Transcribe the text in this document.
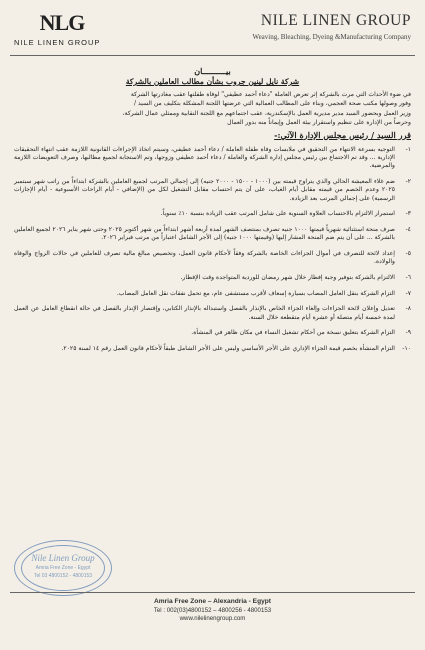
NLG
NILE LINEN GROUP
NILE LINEN GROUP
Weaving, Bleaching, Dyeing &Manufacturing Company
بيــــــــــان
شركة نايل لينين جروب بشأن مطالب العاملين بالشركة

في ضوء الأحداث التي مرت بالشركة إثر تعرض العاملة "دعاء أحمد عطيفي" لوفاة طفلتها عقب مغادرتها الشركة

وفور وصولها مكتب صحة العجمي، وبناء على المطالب العمالية التي عرضتها اللجنة المشكلة بتكليف من السيد /

وزير العمل وبحضور السيد مدير مديرية العمل بالإسكندرية، عقب اجتماعهم مع اللجنة النقابية وممثلي عمال الشركة،

وحرصاً من الإدارة على تنظيم واستقرار بيئة العمل وإيماناً منه بدور العمال

قرر السيد / رئيس مجلس الإدارة الآتي:-
١-
التوجيه بسرعة الانتهاء من التحقيق في ملابسات وفاة طفلة العاملة / دعاء أحمد عطيفي، وسيتم اتخاذ الإجراءات القانونية اللازمة عقب انتهاء التحقيقات الإدارية ... وقد تم الاجتماع بين رئيس مجلس إدارة الشركة والعاملة / دعاء أحمد عطيفي وزوجها، وتم الاستجابة لجميع مطالبها، وصرف التعويضات اللازمة والمرضية.
٢-
ضم غلاء المعيشة الحالي والذي يتراوح قيمته بين (١٠٠٠ - ١٥٠٠ - ٢٠٠٠ جنيه) إلى إجمالي المرتب لجميع العاملين بالشركة ابتداءاً من راتب شهر سبتمبر ٢٠٢٥ وعدم الخصم من قيمته مقابل أيام الغياب، على أن يتم احتساب مقابل التشغيل لكل من (الإضافي - أيام الراحات الأسبوعية - أيام الإجازات الرسمية) على إجمالي المرتب بعد الزيادة.
٣-
استمرار الالتزام بالاحتساب العلاوة السنوية على شامل المرتب عقب الزيادة بنسبة ١٠٪ سنوياً.
٤-
صرف منحة استثنائية شهرياً قيمتها ١٠٠٠ جنيه تصرف بمنتصف الشهر لمدة أربعة أشهر ابتداءاً من شهر أكتوبر ٢٠٢٥ وحتى شهر يناير ٢٠٢٦ لجميع العاملين بالشركة ... على أن يتم ضم المنحة المشار إليها (وقيمتها ١٠٠٠ جنيه) إلى الأجر الشامل اعتباراً من مرتب فبراير ٢٠٢٦.
٥-
إعداد لائحة للتصرف في أموال الجزاءات الخاصة بالشركة وفقاً لأحكام قانون العمل، وتخصيص مبالغ مالية تصرف للعاملين في حالات الزواج والوفاة والولادة.
٦-
الالتزام بالشركة بتوفير وجبة إفطار خلال شهر رمضان للوردية المتواجدة وقت الإفطار.
٧-
التزام الشركة بنقل العامل المصاب بسيارة إسعاف لأقرب مستشفى عام، مع تحمل نفقات نقل العامل المصاب.
٨-
تعديل وإعلان لائحة الجزاءات وإلغاء الجزاء الخاص بالإنذار بالفصل واستبداله بالإنذار الكتابي، وإقتصار الإنذار بالفصل في حالة انقطاع العامل عن العمل لمدة خمسة أيام متصلة أو عشرة أيام متقطعة خلال السنة.
٩-
التزام الشركة بتعليق نسخة من أحكام تشغيل النساء في مكان ظاهر في المنشأة.
١٠-
التزام المنشأة بخصم قيمة الجزاء الإداري على الأجر الأساسي وليس على الأجر الشامل طبقاً لأحكام قانون العمل رقم ١٤ لسنة ٢٠٢٥.
Nile Linen Group
Amria Free Zone - Egypt
Tel 03 4800152 - 4800153
Amria Free Zone – Alexandria - Egypt
Tel : 002(03)4800152 – 4800256 - 4800153
www.nilelinengroup.com
